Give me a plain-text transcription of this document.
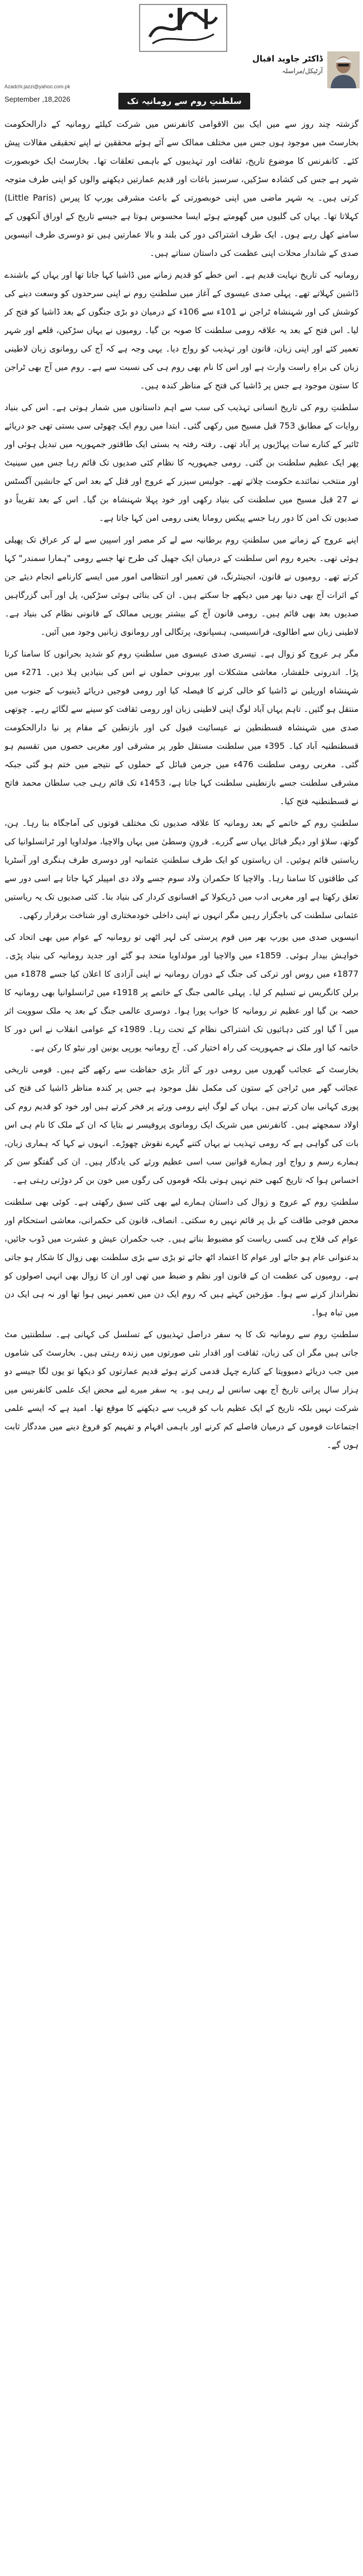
ڈاکٹر جاوید اقبال
آرٹیکل/مراسلہ
Azadchi.jazzi@yahoo.com.pk
September ,18,2026	سلطنتِ روم سے رومانیہ تک

گزشتہ چند روز سے میں ایک بین الاقوامی کانفرنس میں شرکت کیلئے رومانیہ کے دارالحکومت بخارسٹ میں موجود ہوں جس میں مختلف ممالک سے آئے ہوئے محققین نے اپنے تحقیقی مقالات پیش کئے۔ کانفرنس کا موضوع تاریخ، ثقافت اور تہذیبوں کے باہمی تعلقات تھا۔ بخارسٹ ایک خوبصورت شہر ہے جس کی کشادہ سڑکیں، سرسبز باغات اور قدیم عمارتیں دیکھنے والوں کو اپنی طرف متوجہ کرتی ہیں۔ یہ شہر ماضی میں اپنی خوبصورتی کے باعث مشرقی یورپ کا پیرس (Little Paris) کہلاتا تھا۔ یہاں کی گلیوں میں گھومتے ہوئے ایسا محسوس ہوتا ہے جیسے تاریخ کے اوراق آنکھوں کے سامنے کھل رہے ہوں۔ ایک طرف اشتراکی دور کی بلند و بالا عمارتیں ہیں تو دوسری طرف انیسویں صدی کے شاندار محلات اپنی عظمت کی داستان سناتے ہیں۔

رومانیہ کی تاریخ نہایت قدیم ہے۔ اس خطے کو قدیم زمانے میں ڈاشیا کہا جاتا تھا اور یہاں کے باشندے ڈاشین کہلاتے تھے۔ پہلی صدی عیسوی کے آغاز میں سلطنتِ روم نے اپنی سرحدوں کو وسعت دینے کی کوشش کی اور شہنشاہ ٹراجن نے 101ء سے 106ء کے درمیان دو بڑی جنگوں کے بعد ڈاشیا کو فتح کر لیا۔ اس فتح کے بعد یہ علاقہ رومی سلطنت کا صوبہ بن گیا۔ رومیوں نے یہاں سڑکیں، قلعے اور شہر تعمیر کئے اور اپنی زبان، قانون اور تہذیب کو رواج دیا۔ یہی وجہ ہے کہ آج کی رومانوی زبان لاطینی زبان کی براہِ راست وارث ہے اور اس کا نام بھی روم ہی کی نسبت سے ہے۔ روم میں آج بھی ٹراجن کا ستون موجود ہے جس پر ڈاشیا کی فتح کے مناظر کندہ ہیں۔

سلطنتِ روم کی تاریخ انسانی تہذیب کی سب سے اہم داستانوں میں شمار ہوتی ہے۔ اس کی بنیاد روایات کے مطابق 753 قبل مسیح میں رکھی گئی۔ ابتدا میں روم ایک چھوٹی سی بستی تھی جو دریائے ٹائبر کے کنارے سات پہاڑیوں پر آباد تھی۔ رفتہ رفتہ یہ بستی ایک طاقتور جمہوریہ میں تبدیل ہوئی اور پھر ایک عظیم سلطنت بن گئی۔ رومی جمہوریہ کا نظام کئی صدیوں تک قائم رہا جس میں سینیٹ اور منتخب نمائندے حکومت چلاتے تھے۔ جولیس سیزر کے عروج اور قتل کے بعد اس کے جانشین آگسٹس نے 27 قبل مسیح میں سلطنت کی بنیاد رکھی اور خود پہلا شہنشاہ بن گیا۔ اس کے بعد تقریباً دو صدیوں تک امن کا دور رہا جسے پیکس رومانا یعنی رومی امن کہا جاتا ہے۔

اپنے عروج کے زمانے میں سلطنتِ روم برطانیہ سے لے کر مصر اور اسپین سے لے کر عراق تک پھیلی ہوئی تھی۔ بحیرہ روم اس سلطنت کے درمیان ایک جھیل کی طرح تھا جسے رومی "ہمارا سمندر" کہا کرتے تھے۔ رومیوں نے قانون، انجینئرنگ، فن تعمیر اور انتظامی امور میں ایسے کارنامے انجام دیئے جن کے اثرات آج بھی دنیا بھر میں دیکھے جا سکتے ہیں۔ ان کی بنائی ہوئی سڑکیں، پل اور آبی گزرگاہیں صدیوں بعد بھی قائم ہیں۔ رومی قانون آج کے بیشتر یورپی ممالک کے قانونی نظام کی بنیاد ہے۔ لاطینی زبان سے اطالوی، فرانسیسی، ہسپانوی، پرتگالی اور رومانوی زبانیں وجود میں آئیں۔

مگر ہر عروج کو زوال ہے۔ تیسری صدی عیسوی میں سلطنتِ روم کو شدید بحرانوں کا سامنا کرنا پڑا۔ اندرونی خلفشار، معاشی مشکلات اور بیرونی حملوں نے اس کی بنیادیں ہلا دیں۔ 271ء میں شہنشاہ اوریلین نے ڈاشیا کو خالی کرنے کا فیصلہ کیا اور رومی فوجیں دریائے ڈینیوب کے جنوب میں منتقل ہو گئیں۔ تاہم یہاں آباد لوگ اپنی لاطینی زبان اور رومی ثقافت کو سینے سے لگائے رہے۔ چوتھی صدی میں شہنشاہ قسطنطین نے عیسائیت قبول کی اور بازنطین کے مقام پر نیا دارالحکومت قسطنطنیہ آباد کیا۔ 395ء میں سلطنت مستقل طور پر مشرقی اور مغربی حصوں میں تقسیم ہو گئی۔ مغربی رومی سلطنت 476ء میں جرمن قبائل کے حملوں کے نتیجے میں ختم ہو گئی جبکہ مشرقی سلطنت جسے بازنطینی سلطنت کہا جاتا ہے، 1453ء تک قائم رہی جب سلطان محمد فاتح نے قسطنطنیہ فتح کیا۔

سلطنتِ روم کے خاتمے کے بعد رومانیہ کا علاقہ صدیوں تک مختلف قوتوں کی آماجگاہ بنا رہا۔ ہن، گوتھ، سلاؤ اور دیگر قبائل یہاں سے گزرے۔ قرونِ وسطیٰ میں یہاں والاچیا، مولداویا اور ٹرانسلوانیا کی ریاستیں قائم ہوئیں۔ ان ریاستوں کو ایک طرف سلطنتِ عثمانیہ اور دوسری طرف ہنگری اور آسٹریا کی طاقتوں کا سامنا رہا۔ والاچیا کا حکمران ولاد سوم جسے ولاد دی امپیلر کہا جاتا ہے اسی دور سے تعلق رکھتا ہے اور مغربی ادب میں ڈریکولا کے افسانوی کردار کی بنیاد بنا۔ کئی صدیوں تک یہ ریاستیں عثمانی سلطنت کی باجگزار رہیں مگر انہوں نے اپنی داخلی خودمختاری اور شناخت برقرار رکھی۔

انیسویں صدی میں یورپ بھر میں قوم پرستی کی لہر اٹھی تو رومانیہ کے عوام میں بھی اتحاد کی خواہش بیدار ہوئی۔ 1859ء میں والاچیا اور مولداویا متحد ہو گئے اور جدید رومانیہ کی بنیاد پڑی۔ 1877ء میں روس اور ترکی کی جنگ کے دوران رومانیہ نے اپنی آزادی کا اعلان کیا جسے 1878ء میں برلن کانگریس نے تسلیم کر لیا۔ پہلی عالمی جنگ کے خاتمے پر 1918ء میں ٹرانسلوانیا بھی رومانیہ کا حصہ بن گیا اور عظیم تر رومانیہ کا خواب پورا ہوا۔ دوسری عالمی جنگ کے بعد یہ ملک سوویت اثر میں آ گیا اور کئی دہائیوں تک اشتراکی نظام کے تحت رہا۔ 1989ء کے عوامی انقلاب نے اس دور کا خاتمہ کیا اور ملک نے جمہوریت کی راہ اختیار کی۔ آج رومانیہ یورپی یونین اور نیٹو کا رکن ہے۔

بخارسٹ کے عجائب گھروں میں رومی دور کے آثار بڑی حفاظت سے رکھے گئے ہیں۔ قومی تاریخی عجائب گھر میں ٹراجن کے ستون کی مکمل نقل موجود ہے جس پر کندہ مناظر ڈاشیا کی فتح کی پوری کہانی بیان کرتے ہیں۔ یہاں کے لوگ اپنے رومی ورثے پر فخر کرتے ہیں اور خود کو قدیم روم کی اولاد سمجھتے ہیں۔ کانفرنس میں شریک ایک رومانوی پروفیسر نے بتایا کہ ان کے ملک کا نام ہی اس بات کی گواہی ہے کہ رومی تہذیب نے یہاں کتنے گہرے نقوش چھوڑے۔ انہوں نے کہا کہ ہماری زبان، ہمارے رسم و رواج اور ہمارے قوانین سب اسی عظیم ورثے کی یادگار ہیں۔ ان کی گفتگو سن کر احساس ہوا کہ تاریخ کبھی ختم نہیں ہوتی بلکہ قوموں کی رگوں میں خون بن کر دوڑتی رہتی ہے۔

سلطنتِ روم کے عروج و زوال کی داستان ہمارے لیے بھی کئی سبق رکھتی ہے۔ کوئی بھی سلطنت محض فوجی طاقت کے بل پر قائم نہیں رہ سکتی۔ انصاف، قانون کی حکمرانی، معاشی استحکام اور عوام کی فلاح ہی کسی ریاست کو مضبوط بناتے ہیں۔ جب حکمران عیش و عشرت میں ڈوب جائیں، بدعنوانی عام ہو جائے اور عوام کا اعتماد اٹھ جائے تو بڑی سے بڑی سلطنت بھی زوال کا شکار ہو جاتی ہے۔ رومیوں کی عظمت ان کے قانون اور نظم و ضبط میں تھی اور ان کا زوال بھی انہی اصولوں کو نظرانداز کرنے سے ہوا۔ مؤرخین کہتے ہیں کہ روم ایک دن میں تعمیر نہیں ہوا تھا اور نہ ہی ایک دن میں تباہ ہوا۔

سلطنتِ روم سے رومانیہ تک کا یہ سفر دراصل تہذیبوں کے تسلسل کی کہانی ہے۔ سلطنتیں مٹ جاتی ہیں مگر ان کی زبان، ثقافت اور اقدار نئی صورتوں میں زندہ رہتی ہیں۔ بخارسٹ کی شاموں میں جب دریائے دمبوویتا کے کنارے چہل قدمی کرتے ہوئے قدیم عمارتوں کو دیکھا تو یوں لگا جیسے دو ہزار سال پرانی تاریخ آج بھی سانس لے رہی ہو۔ یہ سفر میرے لیے محض ایک علمی کانفرنس میں شرکت نہیں بلکہ تاریخ کے ایک عظیم باب کو قریب سے دیکھنے کا موقع تھا۔ امید ہے کہ ایسے علمی اجتماعات قوموں کے درمیان فاصلے کم کرنے اور باہمی افہام و تفہیم کو فروغ دینے میں مددگار ثابت ہوں گے۔
